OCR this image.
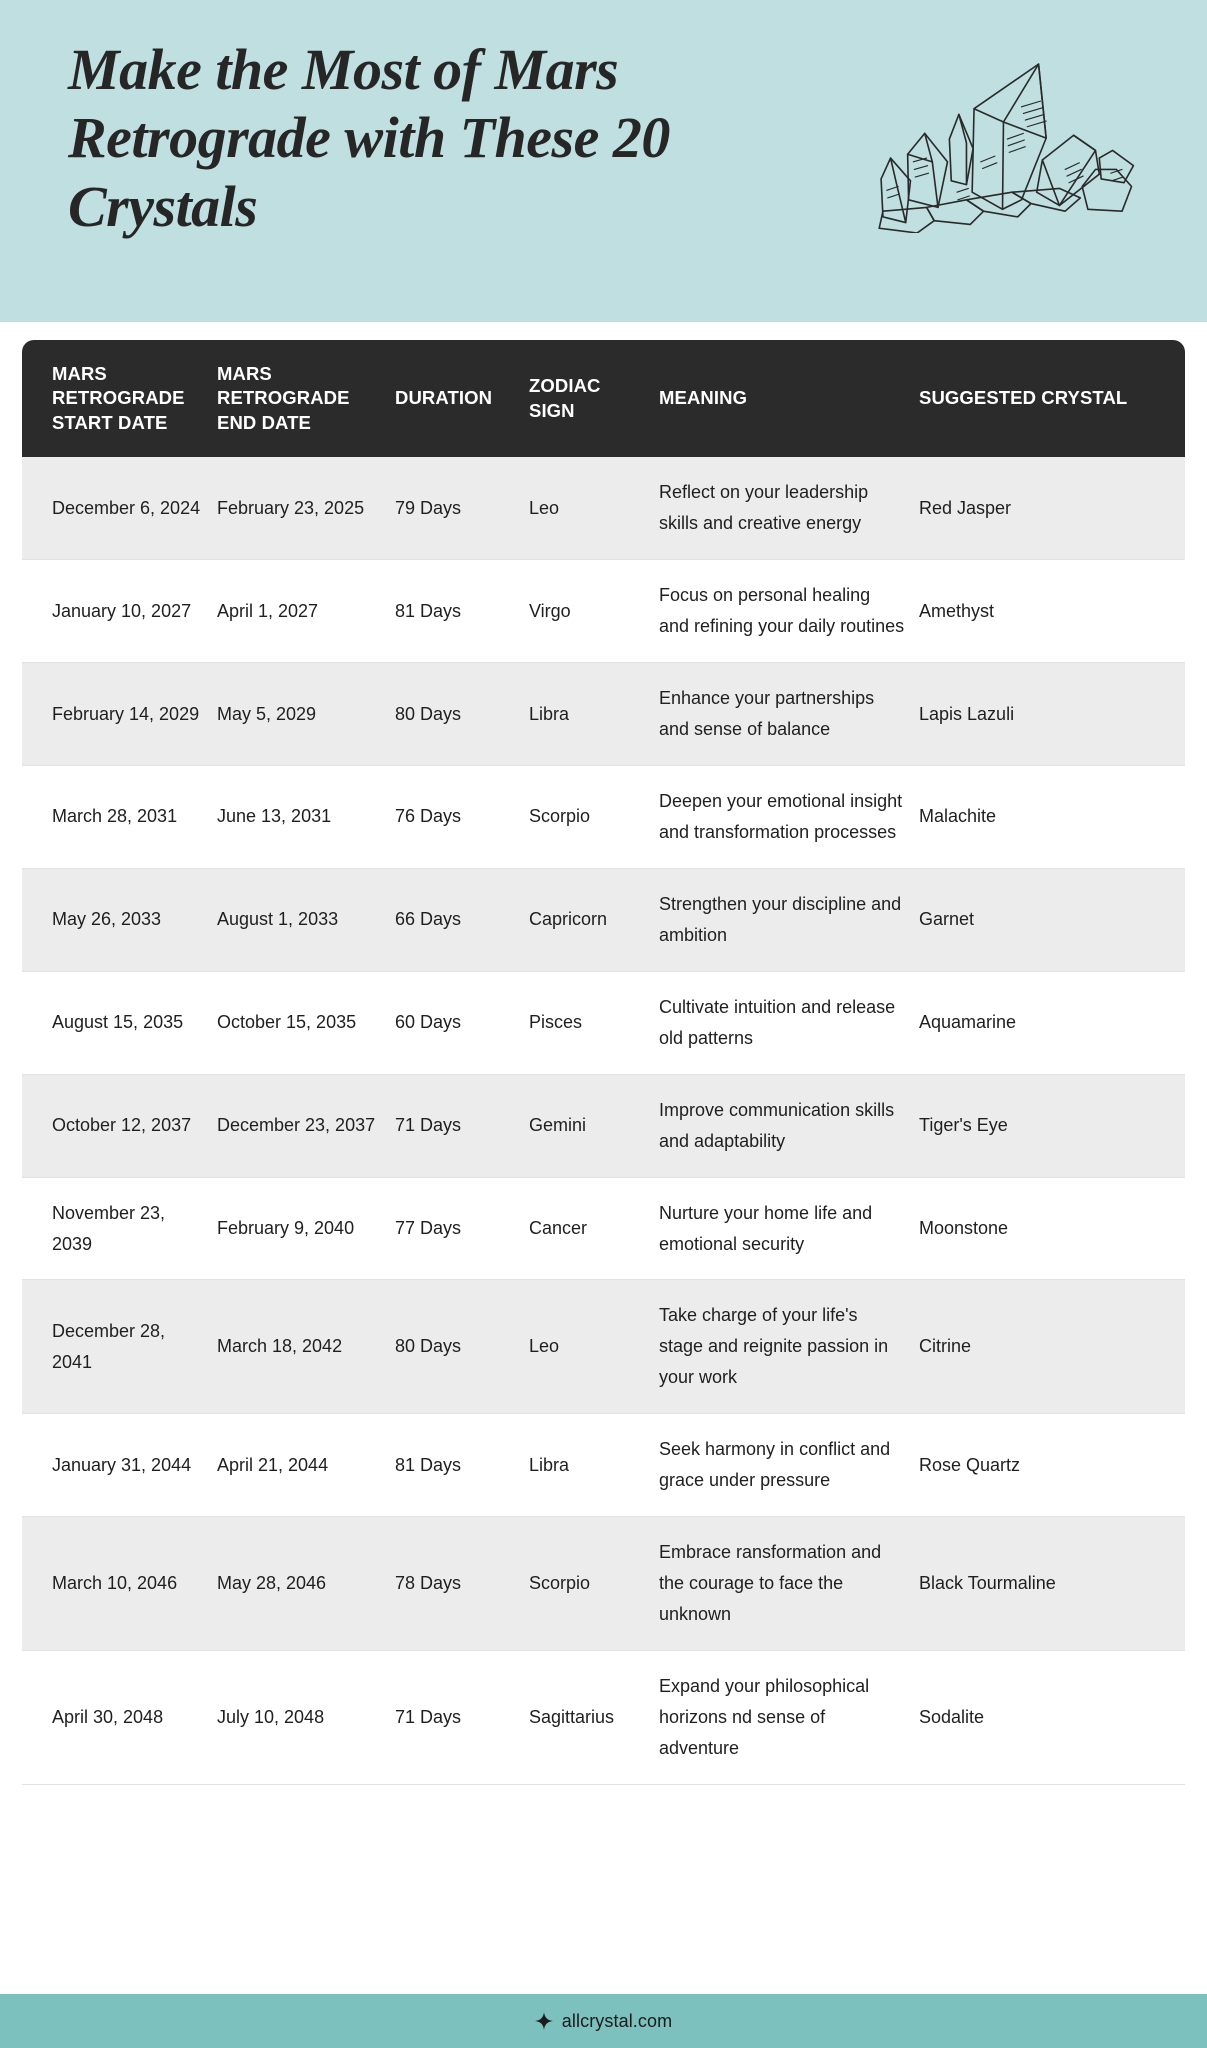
Make the Most of Mars Retrograde with These 20 Crystals
MARS RETROGRADE START DATE	MARS RETROGRADE END DATE	DURATION	ZODIAC SIGN	MEANING	SUGGESTED CRYSTAL
December 6, 2024	February 23, 2025	79 Days	Leo	Reflect on your leadership skills and creative energy	Red Jasper
January 10, 2027	April 1, 2027	81 Days	Virgo	Focus on personal healing and refining your daily routines	Amethyst
February 14, 2029	May 5, 2029	80 Days	Libra	Enhance your partnerships and sense of balance	Lapis Lazuli
March 28, 2031	June 13, 2031	76 Days	Scorpio	Deepen your emotional insight and transformation processes	Malachite
May 26, 2033	August 1, 2033	66 Days	Capricorn	Strengthen your discipline and ambition	Garnet
August 15, 2035	October 15, 2035	60 Days	Pisces	Cultivate intuition and release old patterns	Aquamarine
October 12, 2037	December 23, 2037	71 Days	Gemini	Improve communication skills and adaptability	Tiger's Eye
November 23, 2039	February 9, 2040	77 Days	Cancer	Nurture your home life and emotional security	Moonstone
December 28, 2041	March 18, 2042	80 Days	Leo	Take charge of your life's stage and reignite passion in your work	Citrine
January 31, 2044	April 21, 2044	81 Days	Libra	Seek harmony in conflict and grace under pressure	Rose Quartz
March 10, 2046	May 28, 2046	78 Days	Scorpio	Embrace ransformation and the courage to face the unknown	Black Tourmaline
April 30, 2048	July 10, 2048	71 Days	Sagittarius	Expand your philosophical horizons nd sense of adventure	Sodalite
allcrystal.com
